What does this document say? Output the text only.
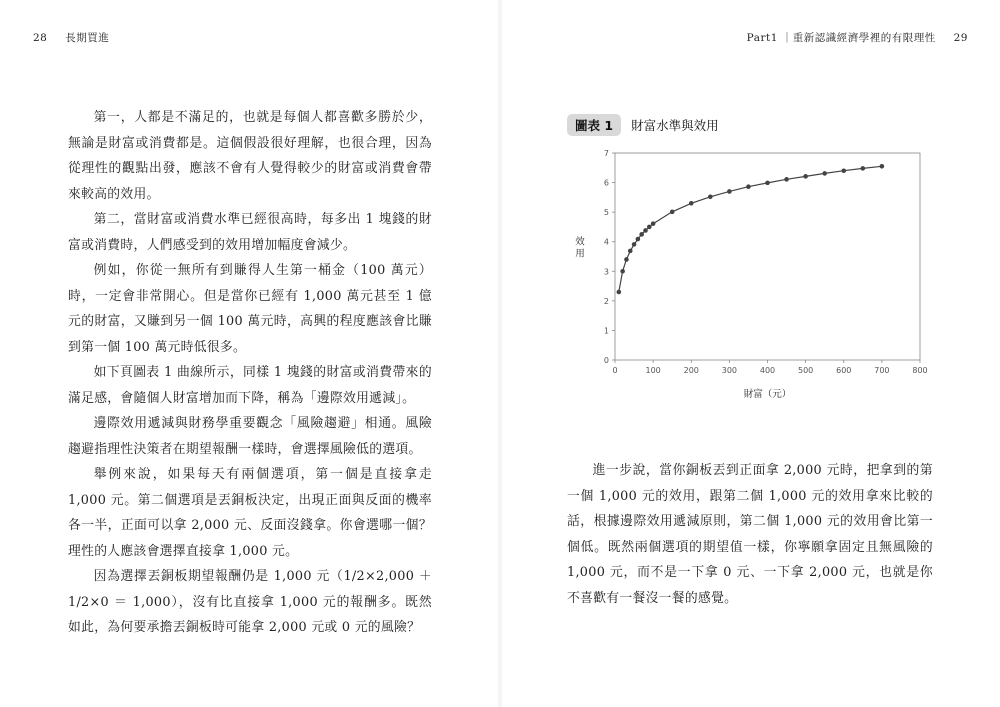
28 長期買進

第一，人都是不滿足的，也就是每個人都喜歡多勝於少，無論是財富或消費都是。這個假設很好理解，也很合理，因為從理性的觀點出發，應該不會有人覺得較少的財富或消費會帶來較高的效用。

第二，當財富或消費水準已經很高時，每多出 1 塊錢的財富或消費時，人們感受到的效用增加幅度會減少。

例如，你從一無所有到賺得人生第一桶金（100 萬元）時，一定會非常開心。但是當你已經有 1,000 萬元甚至 1 億元的財富，又賺到另一個 100 萬元時，高興的程度應該會比賺到第一個 100 萬元時低很多。

如下頁圖表 1 曲線所示，同樣 1 塊錢的財富或消費帶來的滿足感，會隨個人財富增加而下降，稱為「邊際效用遞減」。

邊際效用遞減與財務學重要觀念「風險趨避」相通。風險趨避指理性決策者在期望報酬一樣時，會選擇風險低的選項。

舉例來說，如果每天有兩個選項，第一個是直接拿走 1,000 元。第二個選項是丟銅板決定，出現正面與反面的機率各一半，正面可以拿 2,000 元、反面沒錢拿。你會選哪一個？理性的人應該會選擇直接拿 1,000 元。

因為選擇丟銅板期望報酬仍是 1,000 元（1/2×2,000 ＋ 1/2×0 ＝ 1,000），沒有比直接拿 1,000 元的報酬多。既然如此，為何要承擔丟銅板時可能拿 2,000 元或 0 元的風險？

Part1 ｜重新認識經濟學裡的有限理性 29
圖表 1	財富水準與效用
0	100	200	300	400	500	600	700	800
0
1
2
3
4
5
6
7
財富（元）
效用

進一步說，當你銅板丟到正面拿 2,000 元時，把拿到的第一個 1,000 元的效用，跟第二個 1,000 元的效用拿來比較的話，根據邊際效用遞減原則，第二個 1,000 元的效用會比第一個低。既然兩個選項的期望值一樣，你寧願拿固定且無風險的 1,000 元，而不是一下拿 0 元、一下拿 2,000 元，也就是你不喜歡有一餐沒一餐的感覺。
